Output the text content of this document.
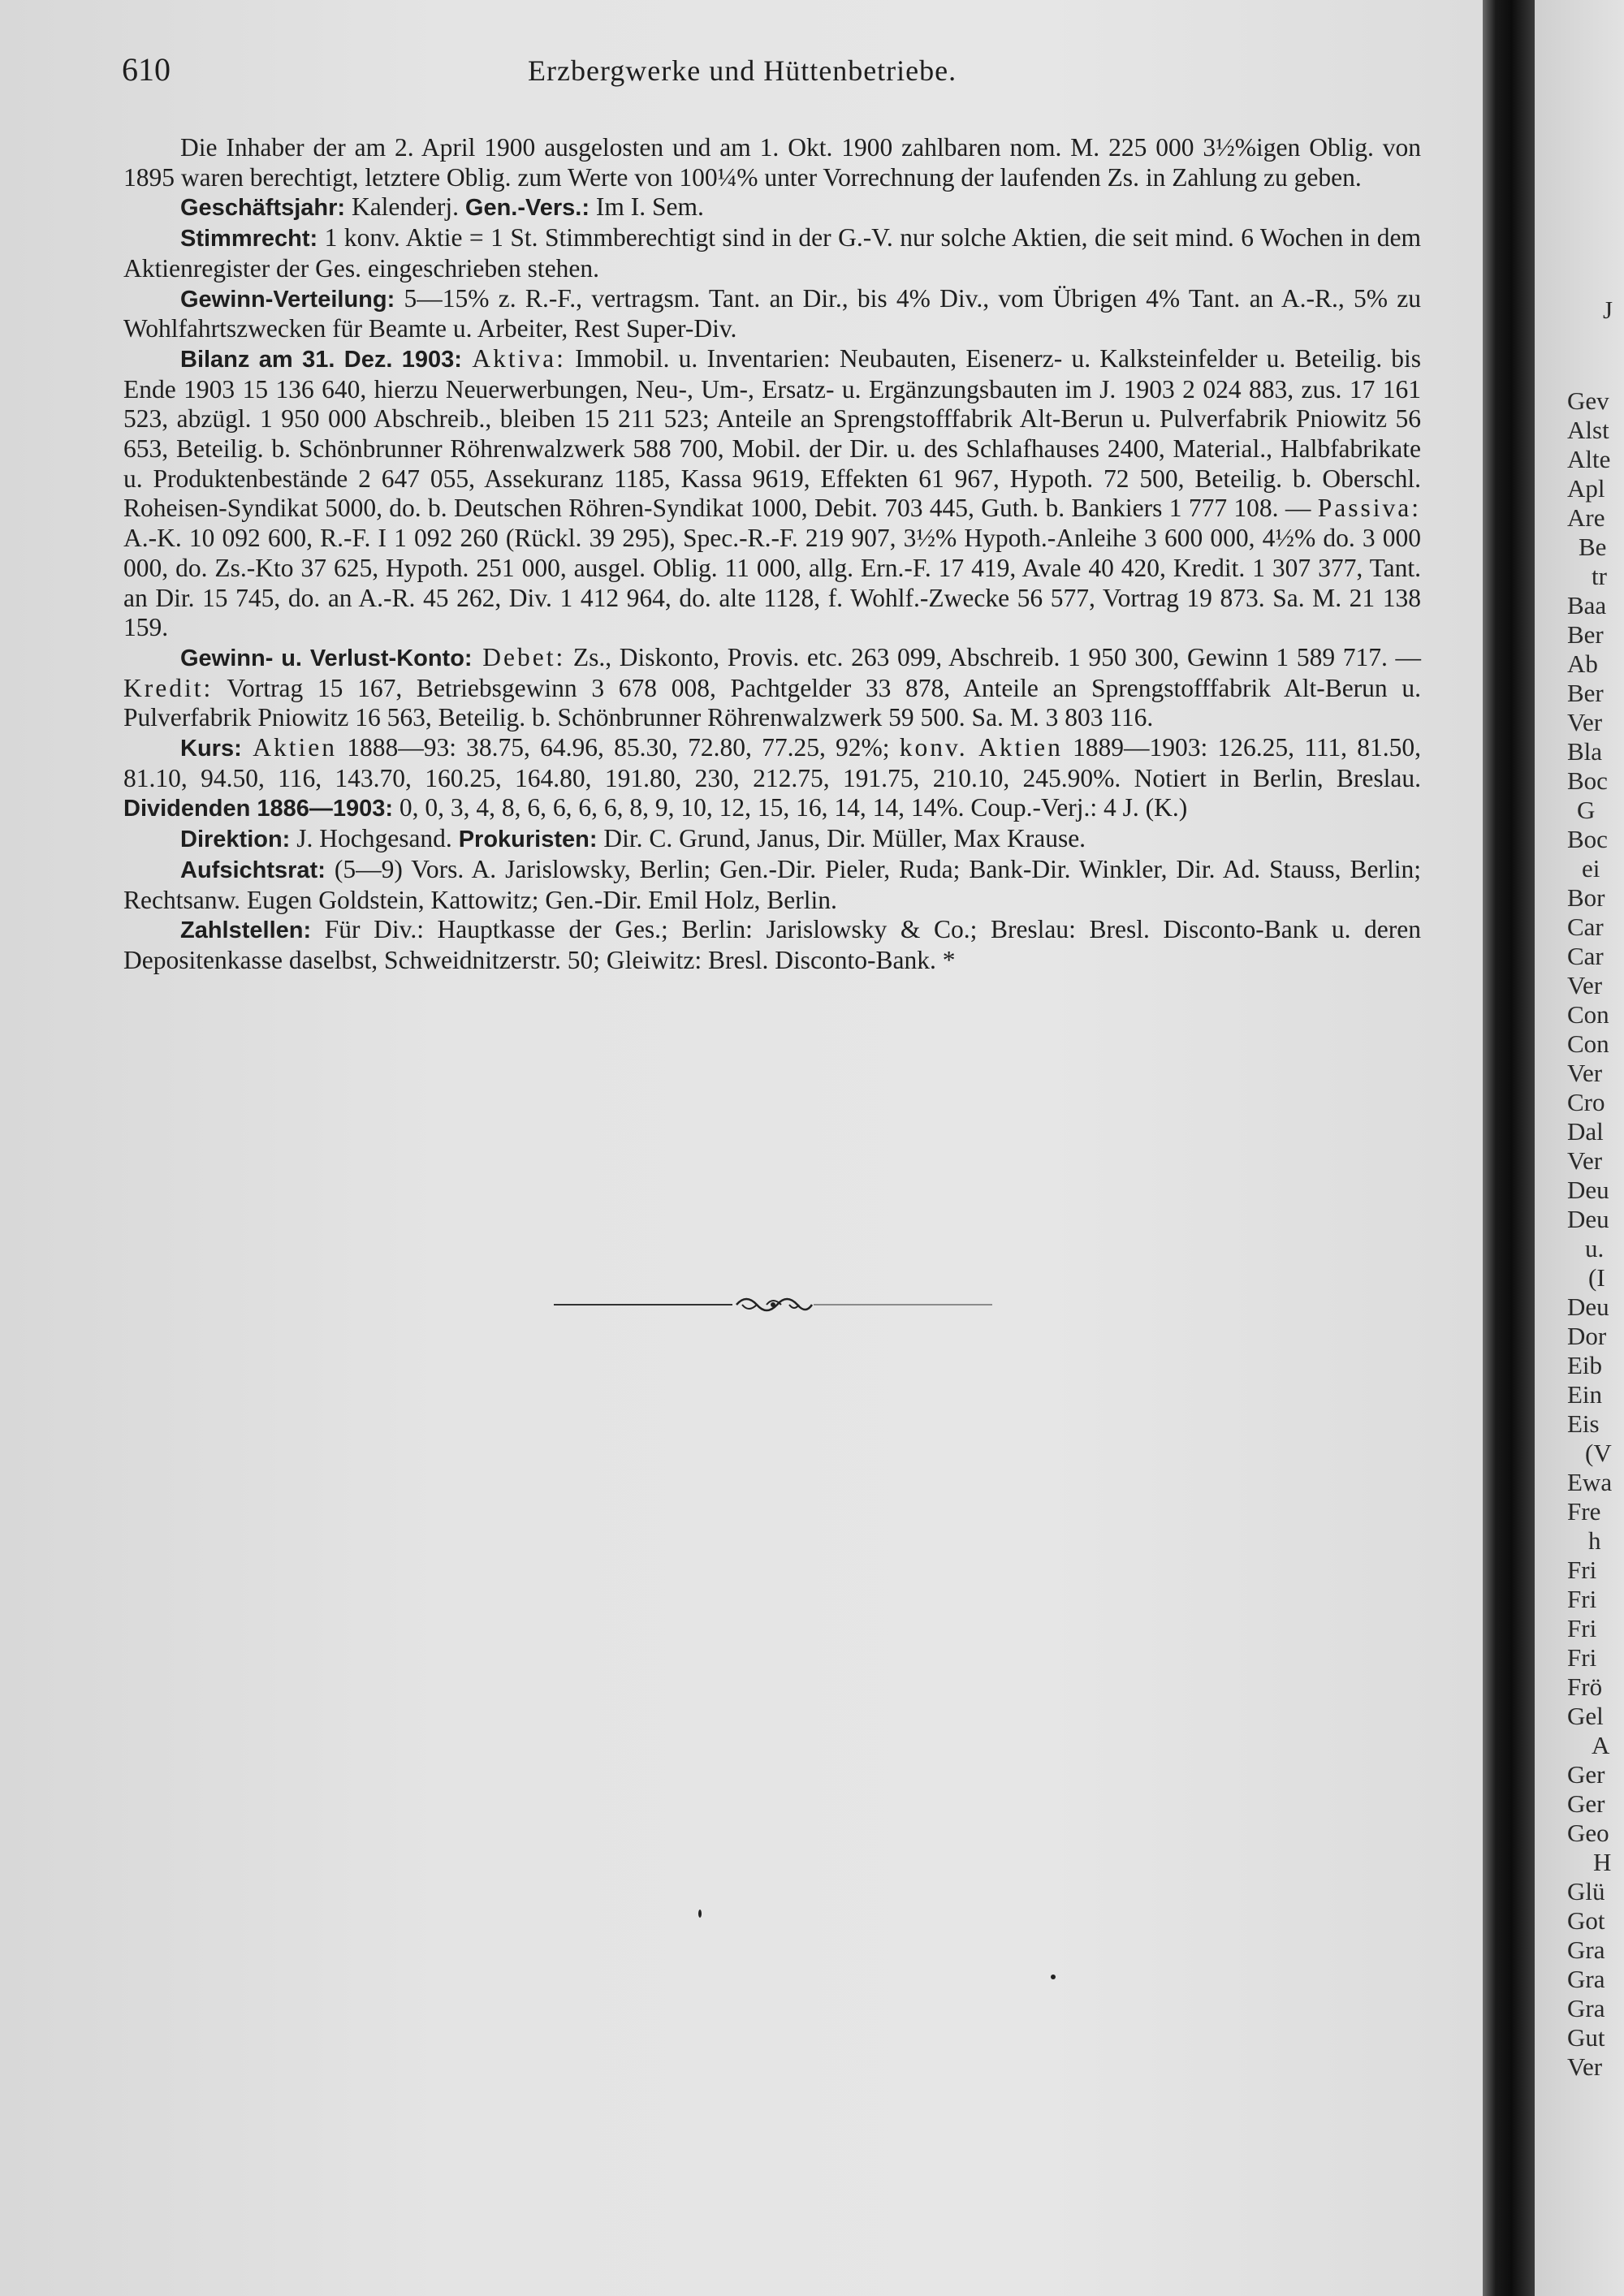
610	Erzbergwerke und Hüttenbetriebe.

Die Inhaber der am 2. April 1900 ausgelosten und am 1. Okt. 1900 zahlbaren nom. M. 225 000 3½%igen Oblig. von 1895 waren berechtigt, letztere Oblig. zum Werte von 100¼% unter Vorrechnung der laufenden Zs. in Zahlung zu geben.

Geschäftsjahr: Kalenderj. Gen.-Vers.: Im I. Sem.

Stimmrecht: 1 konv. Aktie = 1 St. Stimmberechtigt sind in der G.-V. nur solche Aktien, die seit mind. 6 Wochen in dem Aktienregister der Ges. eingeschrieben stehen.

Gewinn-Verteilung: 5—15% z. R.-F., vertragsm. Tant. an Dir., bis 4% Div., vom Übrigen 4% Tant. an A.-R., 5% zu Wohlfahrtszwecken für Beamte u. Arbeiter, Rest Super-Div.

Bilanz am 31. Dez. 1903: Aktiva: Immobil. u. Inventarien: Neubauten, Eisenerz- u. Kalksteinfelder u. Beteilig. bis Ende 1903 15 136 640, hierzu Neuerwerbungen, Neu-, Um-, Ersatz- u. Ergänzungsbauten im J. 1903 2 024 883, zus. 17 161 523, abzügl. 1 950 000 Abschreib., bleiben 15 211 523; Anteile an Sprengstofffabrik Alt-Berun u. Pulverfabrik Pniowitz 56 653, Beteilig. b. Schönbrunner Röhrenwalzwerk 588 700, Mobil. der Dir. u. des Schlafhauses 2400, Material., Halbfabrikate u. Produktenbestände 2 647 055, Assekuranz 1185, Kassa 9619, Effekten 61 967, Hypoth. 72 500, Beteilig. b. Oberschl. Roheisen-Syndikat 5000, do. b. Deutschen Röhren-Syndikat 1000, Debit. 703 445, Guth. b. Bankiers 1 777 108. — Passiva: A.-K. 10 092 600, R.-F. I 1 092 260 (Rückl. 39 295), Spec.-R.-F. 219 907, 3½% Hypoth.-Anleihe 3 600 000, 4½% do. 3 000 000, do. Zs.-Kto 37 625, Hypoth. 251 000, ausgel. Oblig. 11 000, allg. Ern.-F. 17 419, Avale 40 420, Kredit. 1 307 377, Tant. an Dir. 15 745, do. an A.-R. 45 262, Div. 1 412 964, do. alte 1128, f. Wohlf.-Zwecke 56 577, Vortrag 19 873. Sa. M. 21 138 159.

Gewinn- u. Verlust-Konto: Debet: Zs., Diskonto, Provis. etc. 263 099, Abschreib. 1 950 300, Gewinn 1 589 717. — Kredit: Vortrag 15 167, Betriebsgewinn 3 678 008, Pachtgelder 33 878, Anteile an Sprengstofffabrik Alt-Berun u. Pulverfabrik Pniowitz 16 563, Beteilig. b. Schönbrunner Röhrenwalzwerk 59 500. Sa. M. 3 803 116.

Kurs: Aktien 1888—93: 38.75, 64.96, 85.30, 72.80, 77.25, 92%; konv. Aktien 1889—1903: 126.25, 111, 81.50, 81.10, 94.50, 116, 143.70, 160.25, 164.80, 191.80, 230, 212.75, 191.75, 210.10, 245.90%. Notiert in Berlin, Breslau. Dividenden 1886—1903: 0, 0, 3, 4, 8, 6, 6, 6, 6, 8, 9, 10, 12, 15, 16, 14, 14, 14%. Coup.-Verj.: 4 J. (K.)

Direktion: J. Hochgesand. Prokuristen: Dir. C. Grund, Janus, Dir. Müller, Max Krause.

Aufsichtsrat: (5—9) Vors. A. Jarislowsky, Berlin; Gen.-Dir. Pieler, Ruda; Bank-Dir. Winkler, Dir. Ad. Stauss, Berlin; Rechtsanw. Eugen Goldstein, Kattowitz; Gen.-Dir. Emil Holz, Berlin.

Zahlstellen: Für Div.: Hauptkasse der Ges.; Berlin: Jarislowsky & Co.; Breslau: Bresl. Disconto-Bank u. deren Depositenkasse daselbst, Schweidnitzerstr. 50; Gleiwitz: Bresl. Disconto-Bank. *

J
Gev
Alst
Alte
Apl
Are
Be
tr
Baa
Ber
Ab
Ber
Ver
Bla
Boc
G
Boc
ei
Bor
Car
Car
Ver
Con
Con
Ver
Cro
Dal
Ver
Deu
Deu
u.
(I
Deu
Dor
Eib
Ein
Eis
(V
Ewa
Fre
h
Fri
Fri
Fri
Fri
Frö
Gel
A
Ger
Ger
Geo
H
Glü
Got
Gra
Gra
Gra
Gut
Ver
